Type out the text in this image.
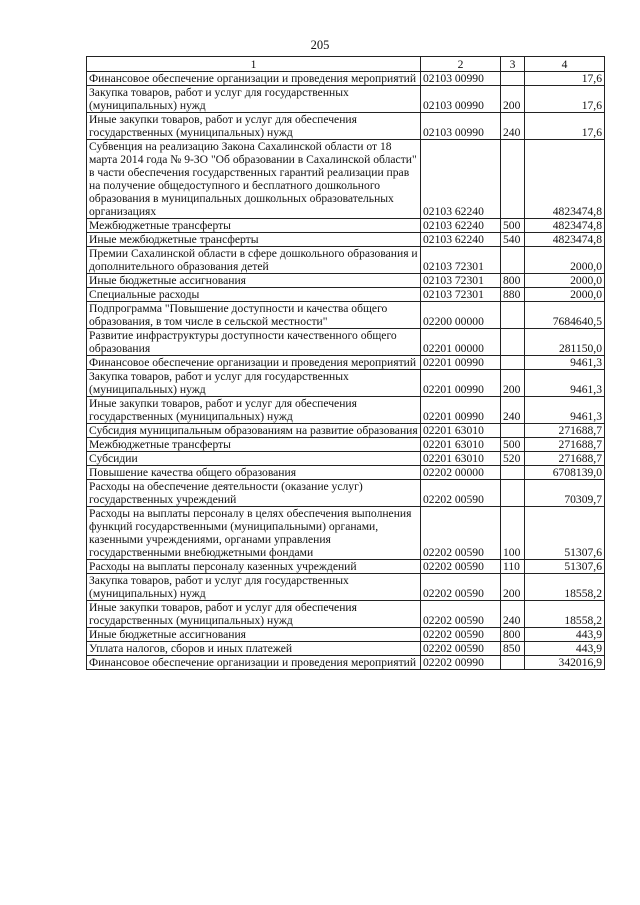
205
1	2	3	4
Финансовое обеспечение организации и проведения мероприятий	02103 00990		17,6
Закупка товаров, работ и услуг для государственных (муниципальных) нужд	02103 00990	200	17,6
Иные закупки товаров, работ и услуг для обеспечения государственных (муниципальных) нужд	02103 00990	240	17,6
Субвенция на реализацию Закона Сахалинской области от 18 марта 2014 года № 9-ЗО "Об образовании в Сахалинской области" в части обеспечения государственных гарантий реализации прав на получение общедоступного и бесплатного дошкольного образования в муниципальных дошкольных образовательных организациях	02103 62240		4823474,8
Межбюджетные трансферты	02103 62240	500	4823474,8
Иные межбюджетные трансферты	02103 62240	540	4823474,8
Премии Сахалинской области в сфере дошкольного образования и дополнительного образования детей	02103 72301		2000,0
Иные бюджетные ассигнования	02103 72301	800	2000,0
Специальные расходы	02103 72301	880	2000,0
Подпрограмма "Повышение доступности и качества общего образования, в том числе в сельской местности"	02200 00000		7684640,5
Развитие инфраструктуры доступности качественного общего образования	02201 00000		281150,0
Финансовое обеспечение организации и проведения мероприятий	02201 00990		9461,3
Закупка товаров, работ и услуг для государственных (муниципальных) нужд	02201 00990	200	9461,3
Иные закупки товаров, работ и услуг для обеспечения государственных (муниципальных) нужд	02201 00990	240	9461,3
Субсидия муниципальным образованиям на развитие образования	02201 63010		271688,7
Межбюджетные трансферты	02201 63010	500	271688,7
Субсидии	02201 63010	520	271688,7
Повышение качества общего образования	02202 00000		6708139,0
Расходы на обеспечение деятельности (оказание услуг) государственных учреждений	02202 00590		70309,7
Расходы на выплаты персоналу в целях обеспечения выполнения функций государственными (муниципальными) органами, казенными учреждениями, органами управления государственными внебюджетными фондами	02202 00590	100	51307,6
Расходы на выплаты персоналу казенных учреждений	02202 00590	110	51307,6
Закупка товаров, работ и услуг для государственных (муниципальных) нужд	02202 00590	200	18558,2
Иные закупки товаров, работ и услуг для обеспечения государственных (муниципальных) нужд	02202 00590	240	18558,2
Иные бюджетные ассигнования	02202 00590	800	443,9
Уплата налогов, сборов и иных платежей	02202 00590	850	443,9
Финансовое обеспечение организации и проведения мероприятий	02202 00990		342016,9
